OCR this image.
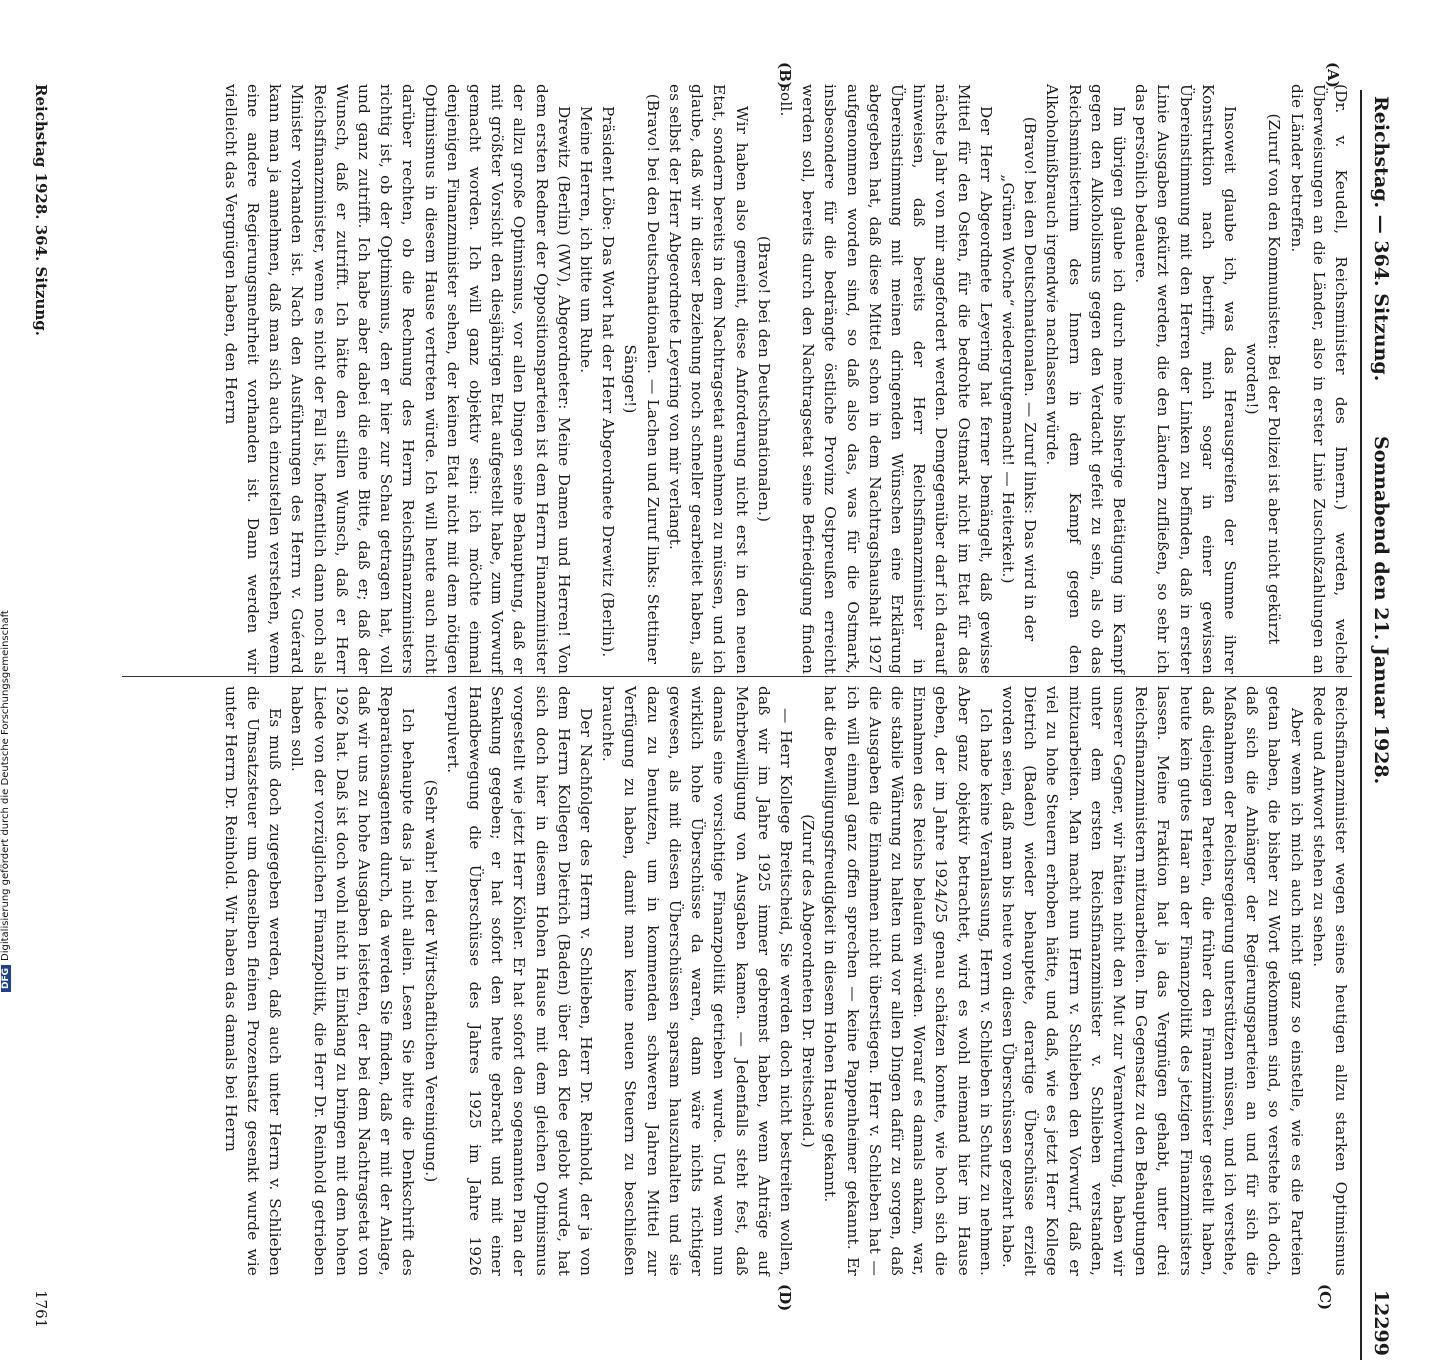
Reichstag. — 364. Sitzung.
Sonnabend den 21. Januar 1928.
12299
(A)
(B)
(C)
(D)

(Dr. v. Keudell, Reichsminister des Innern.) werden, welche Überweisungen an die Länder, also in erster Linie Zuschußzahlungen an die Länder betreffen.

(Zuruf von den Kommunisten: Bei der Polizei ist aber nicht gekürzt worden!)

Insoweit glaube ich, was das Herausgreifen der Summe ihrer Konstruktion nach betrifft, mich sogar in einer gewissen Übereinstimmung mit den Herren der Linken zu befinden, daß in erster Linie Ausgaben gekürzt werden, die den Ländern zufließen, so sehr ich das persönlich bedauere.

Im übrigen glaube ich durch meine bisherige Betätigung im Kampf gegen den Alkoholismus gegen den Verdacht gefeit zu sein, als ob das Reichsministerium des Innern in dem Kampf gegen den Alkoholmißbrauch irgendwie nachlassen würde.

(Bravo! bei den Deutschnationalen. — Zuruf links: Das wird in der „Grünen Woche“ wiedergutgemacht! — Heiterkeit.)

Der Herr Abgeordnete Leyering hat ferner bemängelt, daß gewisse Mittel für den Osten, für die bedrohte Ostmark nicht im Etat für das nächste Jahr von mir angefordert werden. Demgegenüber darf ich darauf hinweisen, daß bereits der Herr Reichsfinanzminister in Übereinstimmung mit meinen dringenden Wünschen eine Erklärung abgegeben hat, daß diese Mittel schon in dem Nachtragshaushalt 1927 aufgenommen worden sind, so daß also das, was für die Ostmark, insbesondere für die bedrängte östliche Provinz Ostpreußen erreicht werden soll, bereits durch den Nachtragsetat seine Befriedigung finden soll.

(Bravo! bei den Deutschnationalen.)

Wir haben also gemeint, diese Anforderung nicht erst in den neuen Etat, sondern bereits in dem Nachtragsetat annehmen zu müssen, und ich glaube, daß wir in dieser Beziehung noch schneller gearbeitet haben, als es selbst der Herr Abgeordnete Leyering von mir verlangt.

(Bravo! bei den Deutschnationalen. — Lachen und Zuruf links: Stettiner Sänger!)

Präsident Löbe: Das Wort hat der Herr Abgeordnete Drewitz (Berlin).

Meine Herren, ich bitte um Ruhe.

Drewitz (Berlin) (WV), Abgeordneter: Meine Damen und Herren! Von dem ersten Redner der Oppositionsparteien ist dem Herrn Finanzminister der allzu große Optimismus, vor allen Dingen seine Behauptung, daß er mit größter Vorsicht den diesjährigen Etat aufgestellt habe, zum Vorwurf gemacht worden. Ich will ganz objektiv sein: ich möchte einmal denjenigen Finanzminister sehen, der keinen Etat nicht mit dem nötigen Optimismus in diesem Hause vertreten würde. Ich will heute auch nicht darüber rechten, ob die Rechnung des Herrn Reichsfinanzministers richtig ist, ob der Optimismus, den er hier zur Schau getragen hat, voll und ganz zutrifft. Ich habe aber dabei die eine Bitte, daß er; daß der Wunsch, daß er zutrifft. Ich hätte den stillen Wunsch, daß er Herr Reichsfinanzminister, wenn es nicht der Fall ist, hoffentlich dann noch als Minister vorhanden ist. Nach den Ausführungen des Herrn v. Guérard kann man ja annehmen, daß man sich auch einzustellen verstehen, wenn eine andere Regierungsmehrheit vorhanden ist. Dann werden wir vielleicht das Vergnügen haben, den Herrn

Reichsfinanzminister wegen seines heutigen allzu starken Optimismus Rede und Antwort stehen zu sehen.

Aber wenn ich mich auch nicht ganz so einstelle, wie es die Parteien getan haben, die bisher zu Wort gekommen sind, so verstehe ich doch, daß sich die Anhänger der Regierungsparteien an und für sich die Maßnahmen der Reichsregierung unterstützen müssen, und ich verstehe, daß diejenigen Parteien, die früher den Finanzminister gestellt haben, heute kein gutes Haar an der Finanzpolitik des jetzigen Finanzministers lassen. Meine Fraktion hat ja das Vergnügen gehabt, unter drei Reichsfinanzministern mitzuarbeiten. Im Gegensatz zu den Behauptungen unserer Gegner, wir hätten nicht den Mut zur Verantwortung, haben wir unter dem ersten Reichsfinanzminister v. Schlieben verstanden, mitzuarbeiten. Man macht nun Herrn v. Schlieben den Vorwurf, daß er viel zu hohe Steuern erhoben hätte, und daß, wie es jetzt Herr Kollege Dietrich (Baden) wieder behauptete, derartige Überschüsse erzielt worden seien, daß man bis heute von diesen Überschüssen gezehrt habe.

Ich habe keine Veranlassung, Herrn v. Schlieben in Schutz zu nehmen. Aber ganz objektiv betrachtet, wird es wohl niemand hier im Hause geben, der im Jahre 1924/25 genau schätzen konnte, wie hoch sich die Einnahmen des Reichs belaufen würden. Worauf es damals ankam, war, die stabile Währung zu halten und vor allen Dingen dafür zu sorgen, daß die Ausgaben die Einnahmen nicht überstiegen. Herr v. Schlieben hat — ich will einmal ganz offen sprechen — keine Pappenheimer gekannt. Er hat die Bewilligungsfreudigkeit in diesem Hohen Hause gekannt.

(Zuruf des Abgeordneten Dr. Breitscheid.)

— Herr Kollege Breitscheid, Sie werden doch nicht bestreiten wollen, daß wir im Jahre 1925 immer gebremst haben, wenn Anträge auf Mehrbewilligung von Ausgaben kamen. — Jedenfalls steht fest, daß damals eine vorsichtige Finanzpolitik getrieben wurde. Und wenn nun wirklich hohe Überschüsse da waren, dann wäre nichts richtiger gewesen, als mit diesen Überschüssen sparsam hauszuhalten und sie dazu zu benutzen, um in kommenden schweren Jahren Mittel zur Verfügung zu haben, damit man keine neuen Steuern zu beschließen brauchte.

Der Nachfolger des Herrn v. Schlieben, Herr Dr. Reinhold, der ja von dem Herrn Kollegen Dietrich (Baden) über den Klee gelobt wurde, hat sich doch hier in diesem Hohen Hause mit dem gleichen Optimismus vorgestellt wie jetzt Herr Köhler. Er hat sofort den sogenannten Plan der Senkung gegeben; er hat sofort den heute gebracht und mit einer Handbewegung die Überschüsse des Jahres 1925 im Jahre 1926 verpulvert.

(Sehr wahr! bei der Wirtschaftlichen Vereinigung.)

Ich behaupte das ja nicht allein. Lesen Sie bitte die Denkschrift des Reparationsagenten durch, da werden Sie finden, daß er mit der Anlage, daß wir uns zu hohe Ausgaben leisteten, der bei dem Nachtragsetat von 1926 hat. Daß ist doch wohl nicht in Einklang zu bringen mit dem hohen Liede von der vorzüglichen Finanzpolitik, die Herr Dr. Reinhold getrieben haben soll.

Es muß doch zugegeben werden, daß auch unter Herrn v. Schlieben die Umsatzsteuer um denselben fleinen Prozentsatz gesenkt wurde wie unter Herrn Dr. Reinhold. Wir haben das damals bei Herrn

Reichstag 1928. 364. Sitzung.
1761
DFGDigitalisierung gefördert durch die Deutsche Forschungsgemeinschaft
